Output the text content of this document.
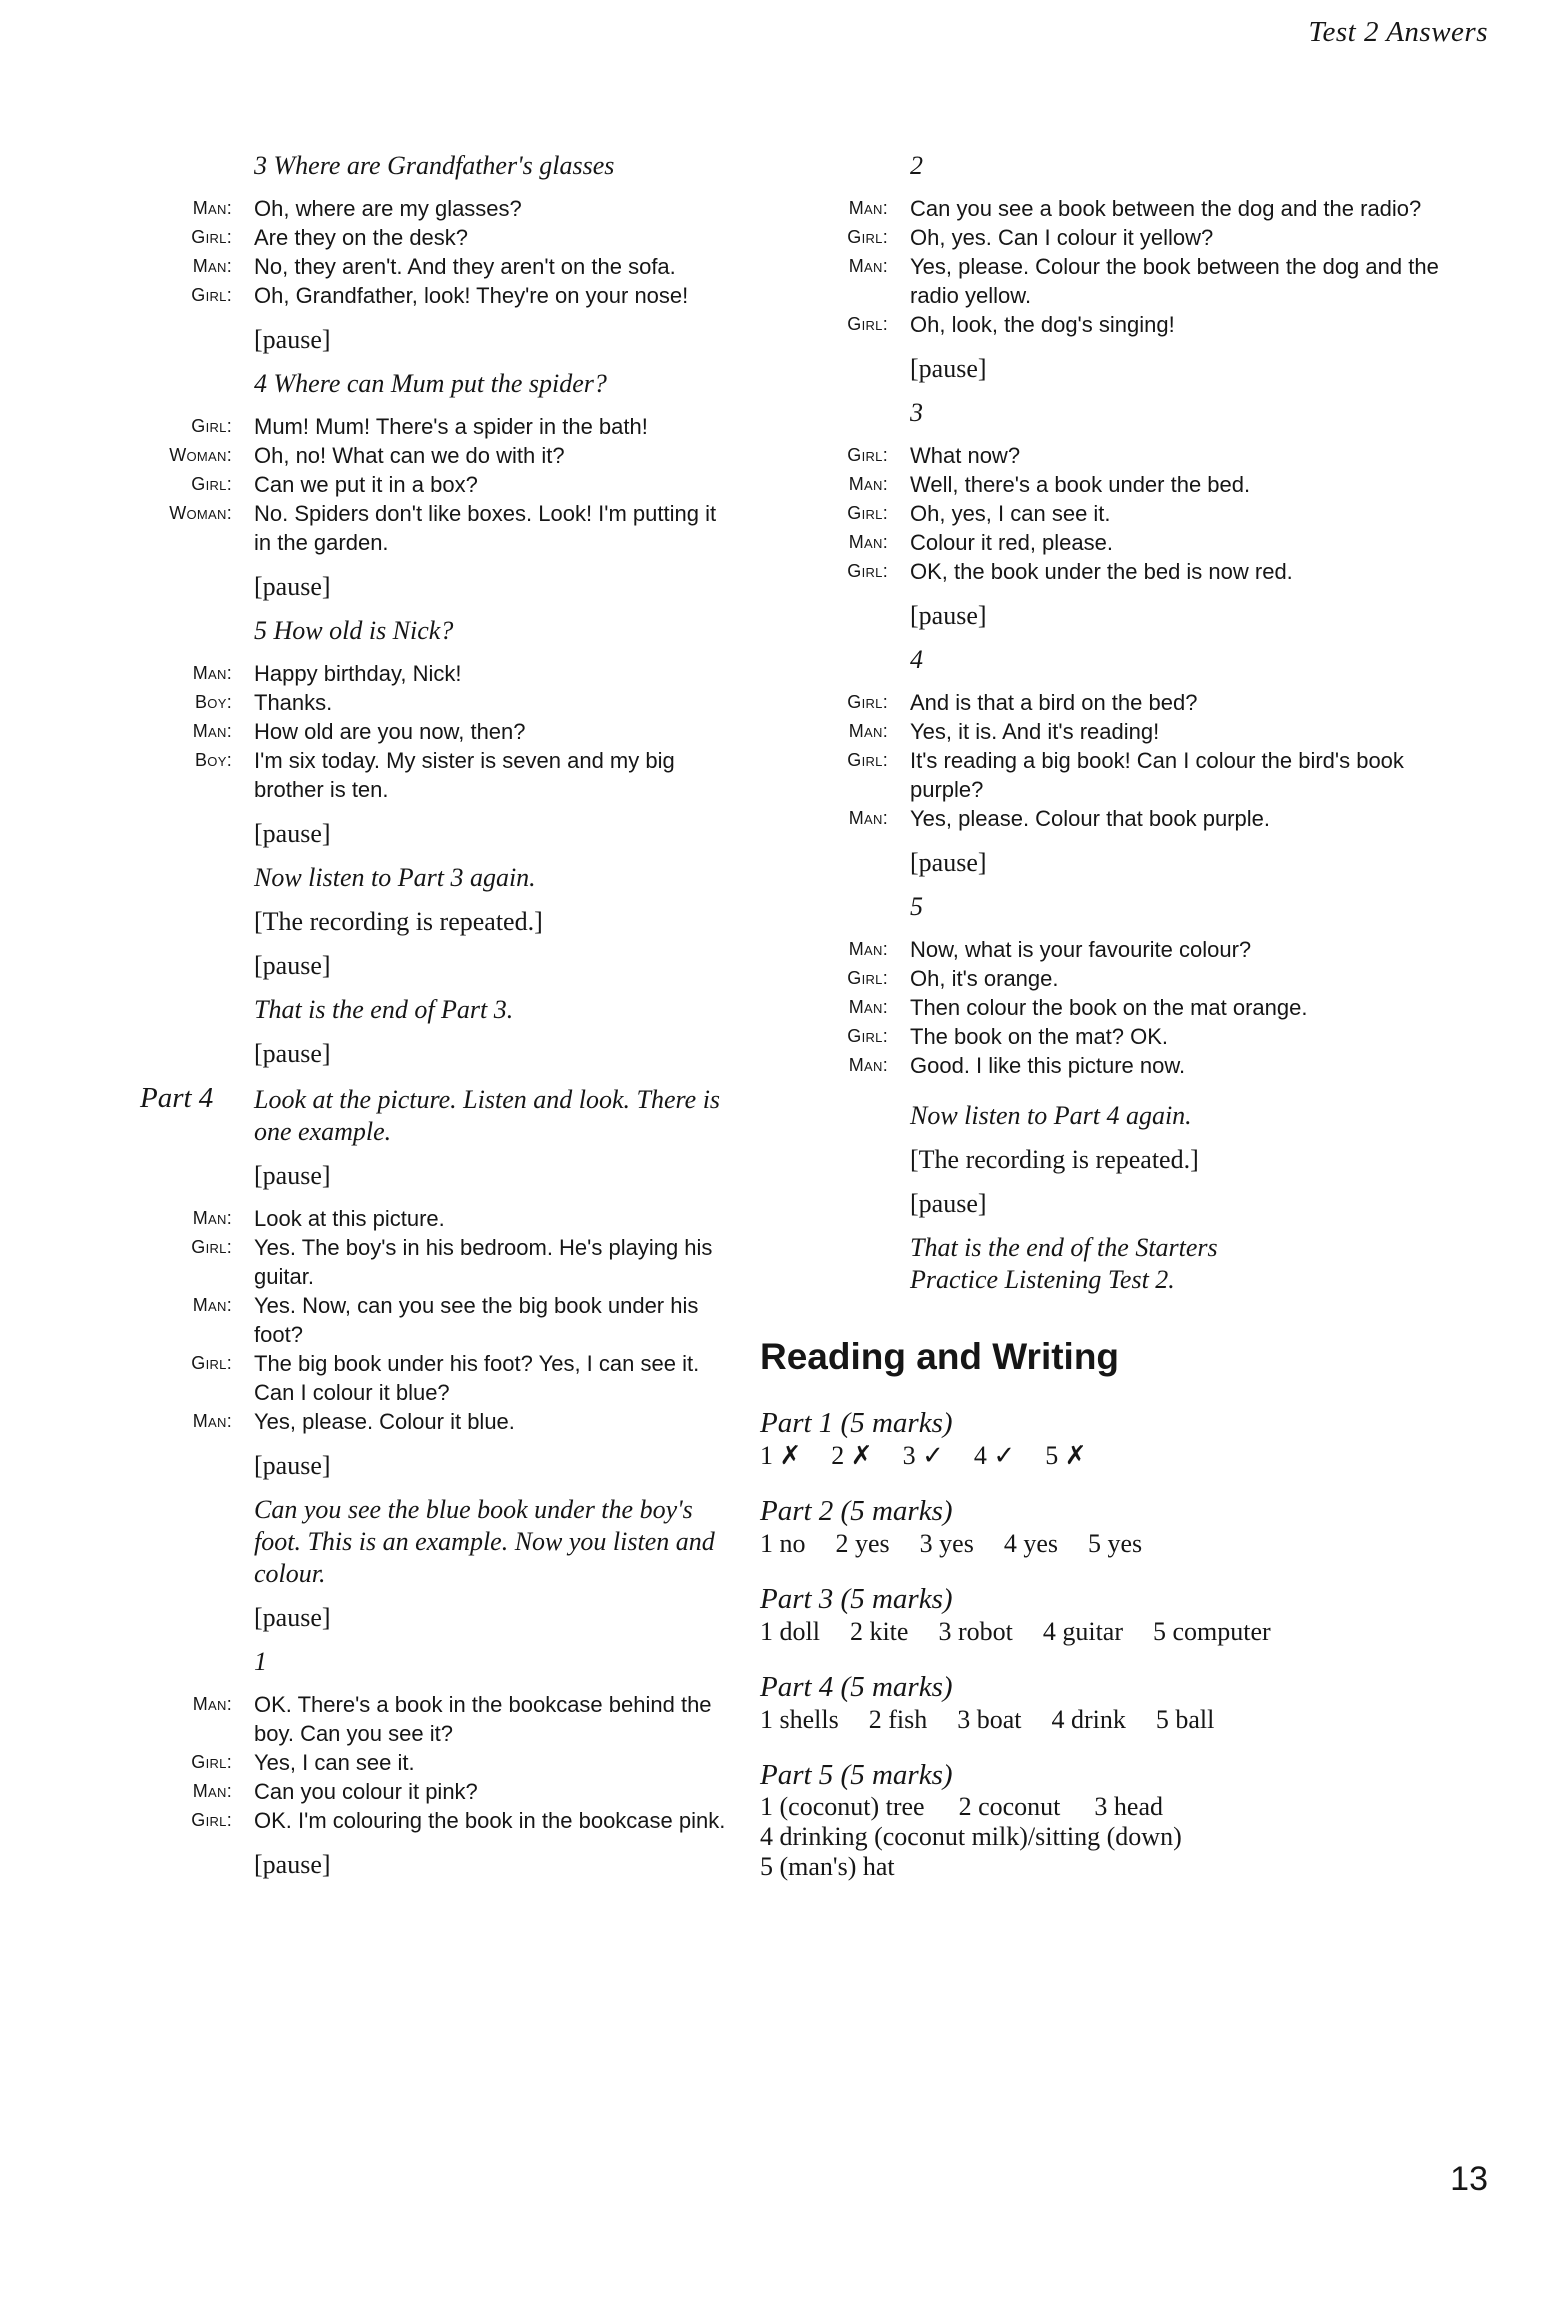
Test 2 Answers

3 Where are Grandfather's glasses

Man:	Oh, where are my glasses?
Girl:	Are they on the desk?
Man:	No, they aren't. And they aren't on the sofa.
Girl:	Oh, Grandfather, look! They're on your nose!

[pause]

4 Where can Mum put the spider?

Girl:	Mum! Mum! There's a spider in the bath!
Woman:	Oh, no! What can we do with it?
Girl:	Can we put it in a box?
Woman:	No. Spiders don't like boxes. Look! I'm putting it in the garden.

[pause]

5 How old is Nick?

Man:	Happy birthday, Nick!
Boy:	Thanks.
Man:	How old are you now, then?
Boy:	I'm six today. My sister is seven and my big brother is ten.

[pause]

Now listen to Part 3 again.

[The recording is repeated.]

[pause]

That is the end of Part 3.

[pause]

Part 4	Look at the picture. Listen and look. There is one example.

[pause]

Man:	Look at this picture.
Girl:	Yes. The boy's in his bedroom. He's playing his guitar.
Man:	Yes. Now, can you see the big book under his foot?
Girl:	The big book under his foot? Yes, I can see it. Can I colour it blue?
Man:	Yes, please. Colour it blue.

[pause]

Can you see the blue book under the boy's foot. This is an example. Now you listen and colour.

[pause]

1

Man:	OK. There's a book in the bookcase behind the boy. Can you see it?
Girl:	Yes, I can see it.
Man:	Can you colour it pink?
Girl:	OK. I'm colouring the book in the bookcase pink.

[pause]

2

Man:	Can you see a book between the dog and the radio?
Girl:	Oh, yes. Can I colour it yellow?
Man:	Yes, please. Colour the book between the dog and the radio yellow.
Girl:	Oh, look, the dog's singing!

[pause]

3

Girl:	What now?
Man:	Well, there's a book under the bed.
Girl:	Oh, yes, I can see it.
Man:	Colour it red, please.
Girl:	OK, the book under the bed is now red.

[pause]

4

Girl:	And is that a bird on the bed?
Man:	Yes, it is. And it's reading!
Girl:	It's reading a big book! Can I colour the bird's book purple?
Man:	Yes, please. Colour that book purple.

[pause]

5

Man:	Now, what is your favourite colour?
Girl:	Oh, it's orange.
Man:	Then colour the book on the mat orange.
Girl:	The book on the mat? OK.
Man:	Good. I like this picture now.

Now listen to Part 4 again.

[The recording is repeated.]

[pause]

That is the end of the Starters Practice Listening Test 2.

Reading and Writing
Part 1 (5 marks)
1 ✗ 2 ✗ 3 ✓ 4 ✓ 5 ✗
Part 2 (5 marks)
1 no 2 yes 3 yes 4 yes 5 yes
Part 3 (5 marks)
1 doll 2 kite 3 robot 4 guitar 5 computer
Part 4 (5 marks)
1 shells 2 fish 3 boat 4 drink 5 ball
Part 5 (5 marks)
1 (coconut) tree 2 coconut 3 head
4 drinking (coconut milk)/sitting (down)
5 (man's) hat
13
